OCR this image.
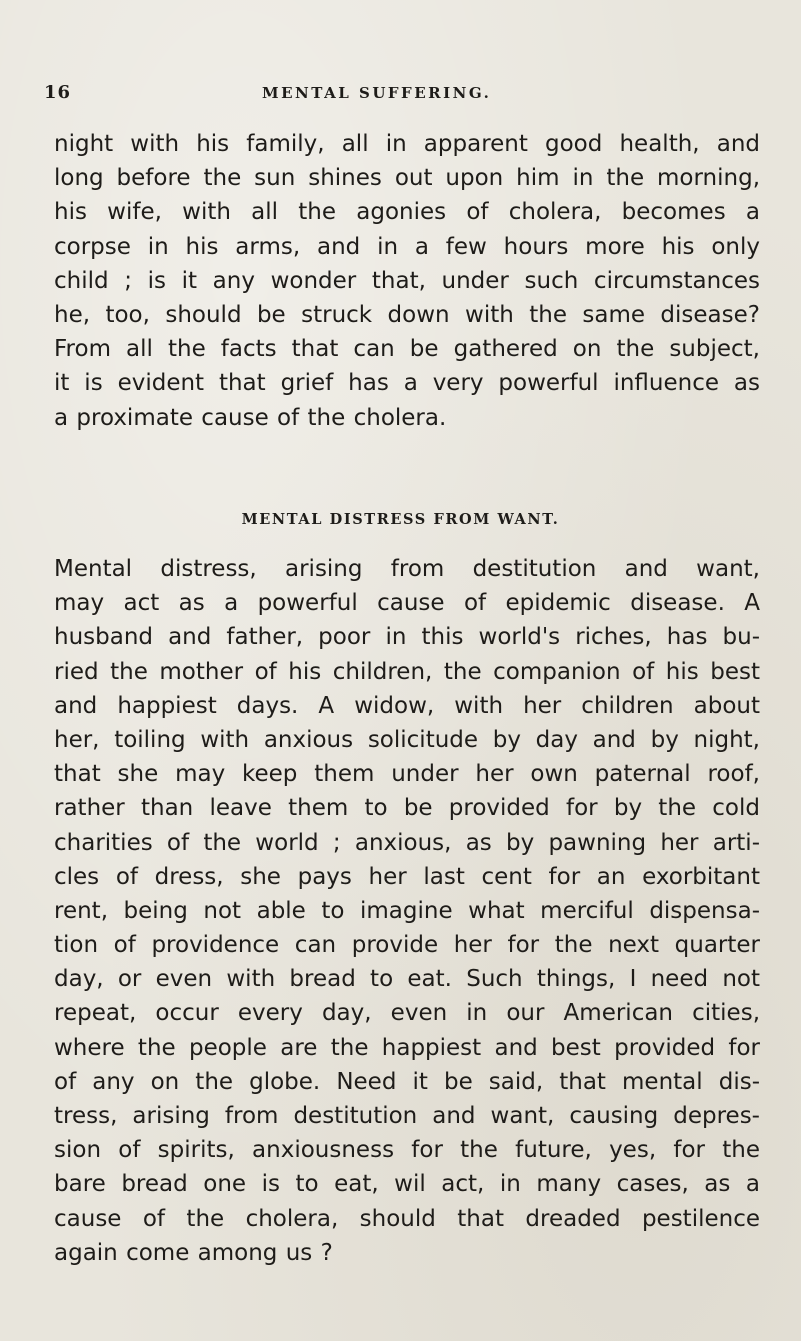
16	MENTAL SUFFERING.
night with his family, all in apparent good health, and
long before the sun shines out upon him in the morning,
his wife, with all the agonies of cholera, becomes a
corpse in his arms, and in a few hours more his only
child ; is it any wonder that, under such circumstances
he, too, should be struck down with the same disease?
From all the facts that can be gathered on the subject,
it is evident that grief has a very powerful influence as
a proximate cause of the cholera.
MENTAL DISTRESS FROM WANT.
Mental distress, arising from destitution and want,
may act as a powerful cause of epidemic disease. A
husband and father, poor in this world's riches, has bu-
ried the mother of his children, the companion of his best
and happiest days. A widow, with her children about
her, toiling with anxious solicitude by day and by night,
that she may keep them under her own paternal roof,
rather than leave them to be provided for by the cold
charities of the world ; anxious, as by pawning her arti-
cles of dress, she pays her last cent for an exorbitant
rent, being not able to imagine what merciful dispensa-
tion of providence can provide her for the next quarter
day, or even with bread to eat. Such things, I need not
repeat, occur every day, even in our American cities,
where the people are the happiest and best provided for
of any on the globe. Need it be said, that mental dis-
tress, arising from destitution and want, causing depres-
sion of spirits, anxiousness for the future, yes, for the
bare bread one is to eat, wil act, in many cases, as a
cause of the cholera, should that dreaded pestilence
again come among us ?
